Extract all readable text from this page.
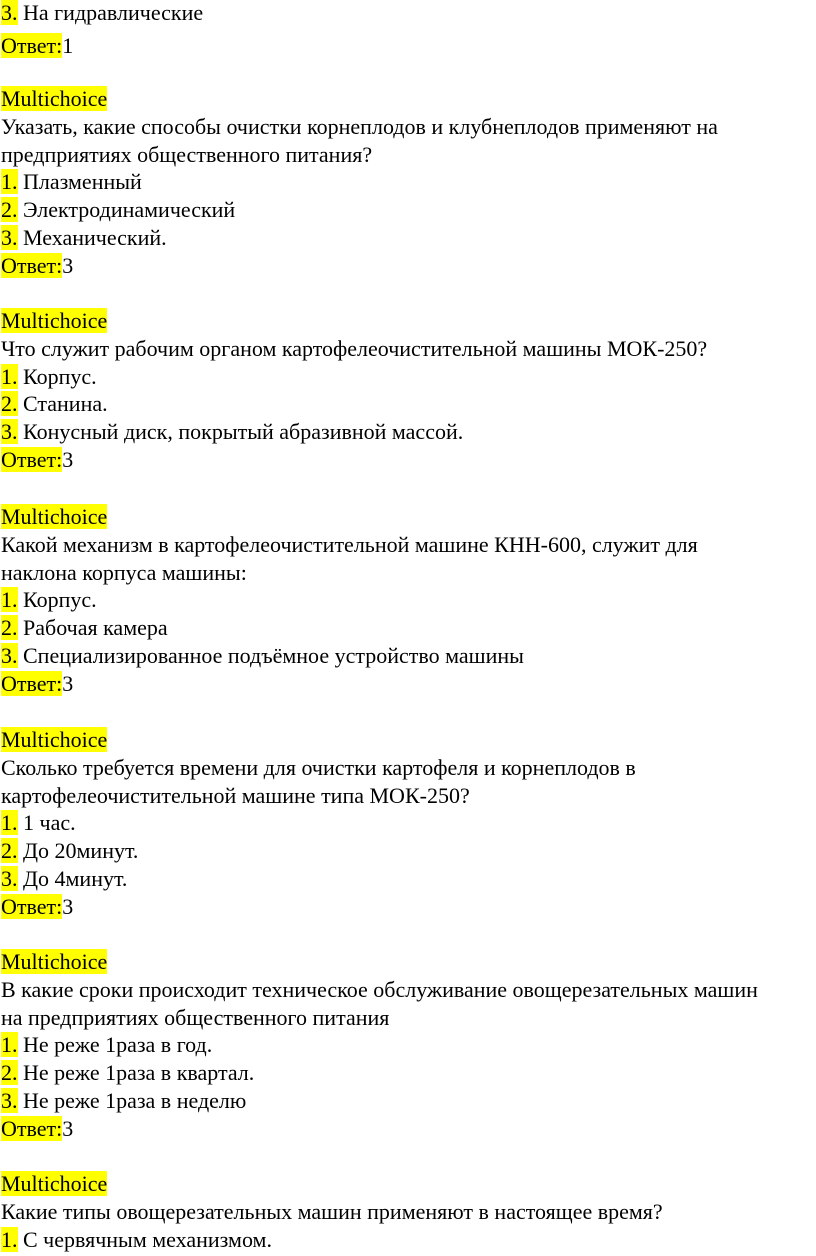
3. На гидравлические
Ответ:1
Multichoice
Указать, какие способы очистки корнеплодов и клубнеплодов применяют на
предприятиях общественного питания?
1. Плазменный
2. Электродинамический
3. Механический.
Ответ:3
Multichoice
Что служит рабочим органом картофелеочистительной машины МОК-250?
1. Корпус.
2. Станина.
3. Конусный диск, покрытый абразивной массой.
Ответ:3
Multichoice
Какой механизм в картофелеочистительной машине КНН-600, служит для
наклона корпуса машины:
1. Корпус.
2. Рабочая камера
3. Специализированное подъёмное устройство машины
Ответ:3
Multichoice
Сколько требуется времени для очистки картофеля и корнеплодов в
картофелеочистительной машине типа МОК-250?
1. 1 час.
2. До 20минут.
3. До 4минут.
Ответ:3
Multichoice
В какие сроки происходит техническое обслуживание овощерезательных машин
на предприятиях общественного питания
1. Не реже 1раза в год.
2. Не реже 1раза в квартал.
3. Не реже 1раза в неделю
Ответ:3
Multichoice
Какие типы овощерезательных машин применяют в настоящее время?
1. С червячным механизмом.
